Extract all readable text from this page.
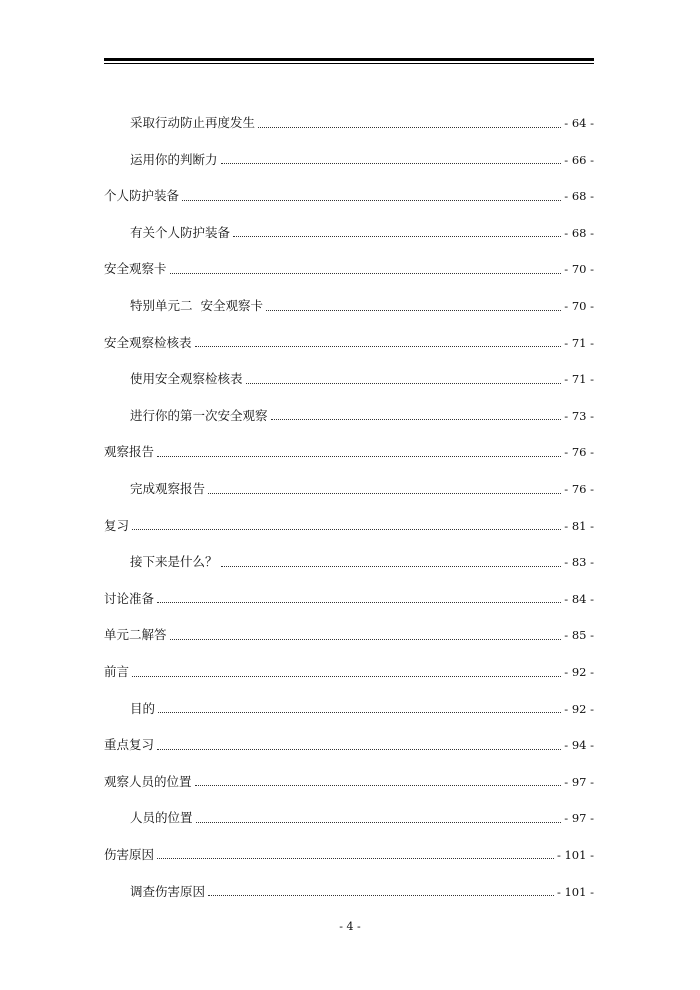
采取行动防止再度发生	- 64 -
运用你的判断力	- 66 -
个人防护装备	- 68 -
有关个人防护装备	- 68 -
安全观察卡	- 70 -
特别单元二  安全观察卡	- 70 -
安全观察检核表	- 71 -
使用安全观察检核表	- 71 -
进行你的第一次安全观察	- 73 -
观察报告	- 76 -
完成观察报告	- 76 -
复习	- 81 -
接下来是什么？	- 83 -
讨论准备	- 84 -
单元二解答	- 85 -
前言	- 92 -
目的	- 92 -
重点复习	- 94 -
观察人员的位置	- 97 -
人员的位置	- 97 -
伤害原因	- 101 -
调查伤害原因	- 101 -
- 4 -
